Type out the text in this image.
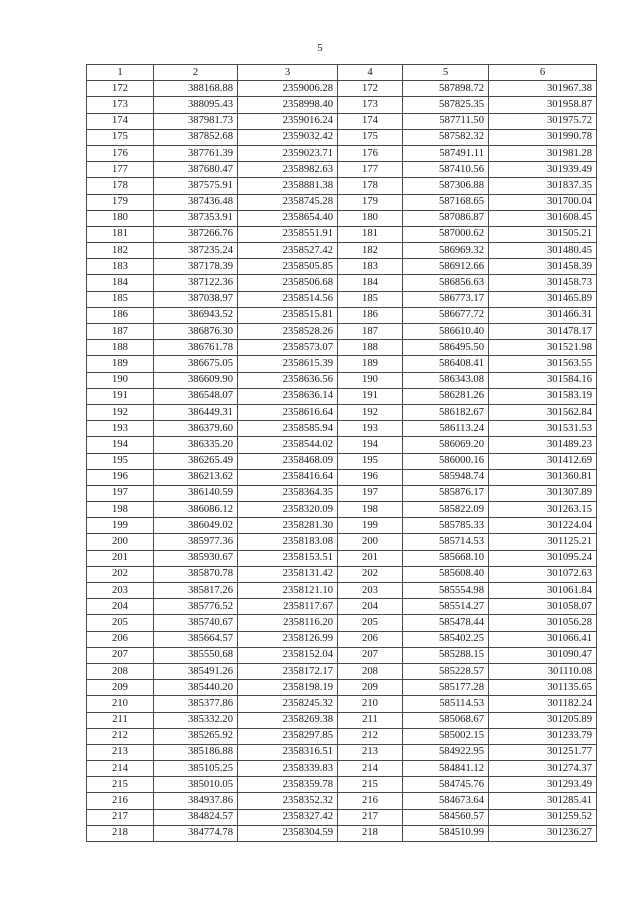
5
1	2	3	4	5	6
172	388168.88	2359006.28	172	587898.72	301967.38
173	388095.43	2358998.40	173	587825.35	301958.87
174	387981.73	2359016.24	174	587711.50	301975.72
175	387852.68	2359032.42	175	587582.32	301990.78
176	387761.39	2359023.71	176	587491.11	301981.28
177	387680.47	2358982.63	177	587410.56	301939.49
178	387575.91	2358881.38	178	587306.88	301837.35
179	387436.48	2358745.28	179	587168.65	301700.04
180	387353.91	2358654.40	180	587086.87	301608.45
181	387266.76	2358551.91	181	587000.62	301505.21
182	387235.24	2358527.42	182	586969.32	301480.45
183	387178.39	2358505.85	183	586912.66	301458.39
184	387122.36	2358506.68	184	586856.63	301458.73
185	387038.97	2358514.56	185	586773.17	301465.89
186	386943.52	2358515.81	186	586677.72	301466.31
187	386876.30	2358528.26	187	586610.40	301478.17
188	386761.78	2358573.07	188	586495.50	301521.98
189	386675.05	2358615.39	189	586408.41	301563.55
190	386609.90	2358636.56	190	586343.08	301584.16
191	386548.07	2358636.14	191	586281.26	301583.19
192	386449.31	2358616.64	192	586182.67	301562.84
193	386379.60	2358585.94	193	586113.24	301531.53
194	386335.20	2358544.02	194	586069.20	301489.23
195	386265.49	2358468.09	195	586000.16	301412.69
196	386213.62	2358416.64	196	585948.74	301360.81
197	386140.59	2358364.35	197	585876.17	301307.89
198	386086.12	2358320.09	198	585822.09	301263.15
199	386049.02	2358281.30	199	585785.33	301224.04
200	385977.36	2358183.08	200	585714.53	301125.21
201	385930.67	2358153.51	201	585668.10	301095.24
202	385870.78	2358131.42	202	585608.40	301072.63
203	385817.26	2358121.10	203	585554.98	301061.84
204	385776.52	2358117.67	204	585514.27	301058.07
205	385740.67	2358116.20	205	585478.44	301056.28
206	385664.57	2358126.99	206	585402.25	301066.41
207	385550.68	2358152.04	207	585288.15	301090.47
208	385491.26	2358172.17	208	585228.57	301110.08
209	385440.20	2358198.19	209	585177.28	301135.65
210	385377.86	2358245.32	210	585114.53	301182.24
211	385332.20	2358269.38	211	585068.67	301205.89
212	385265.92	2358297.85	212	585002.15	301233.79
213	385186.88	2358316.51	213	584922.95	301251.77
214	385105.25	2358339.83	214	584841.12	301274.37
215	385010.05	2358359.78	215	584745.76	301293.49
216	384937.86	2358352.32	216	584673.64	301285.41
217	384824.57	2358327.42	217	584560.57	301259.52
218	384774.78	2358304.59	218	584510.99	301236.27
